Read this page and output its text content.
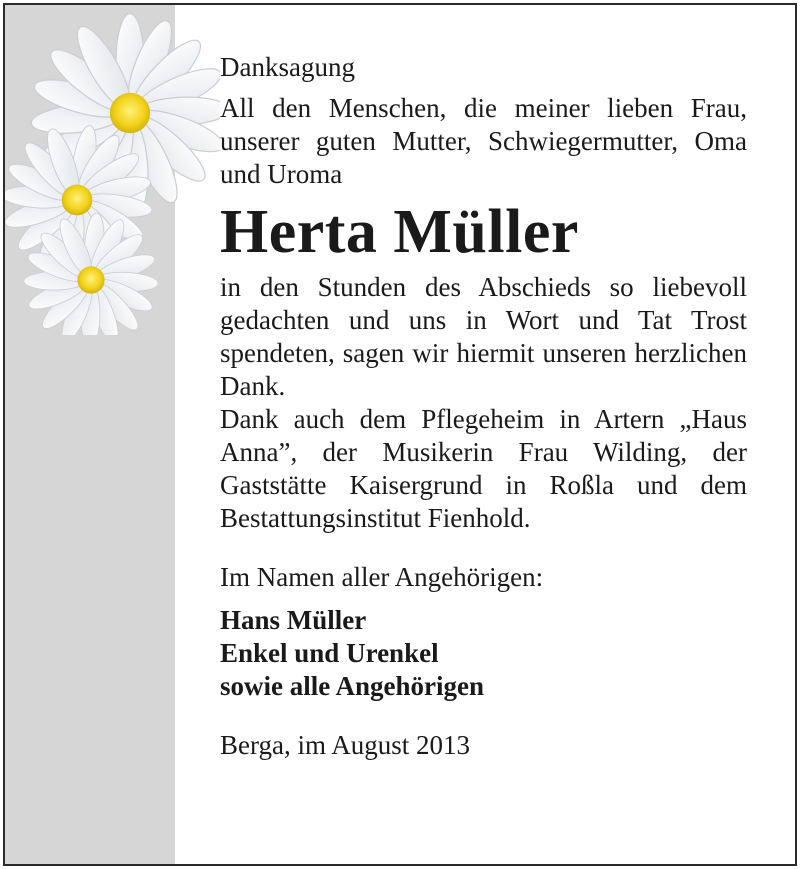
Danksagung

All den Menschen, die meiner lieben Frau, unserer guten Mutter, Schwiegermutter, Oma und Uroma

Herta Müller

in den Stunden des Abschieds so liebevoll gedachten und uns in Wort und Tat Trost spendeten, sagen wir hiermit unseren herzlichen Dank.

Dank auch dem Pflegeheim in Artern „Haus Anna”, der Musikerin Frau Wilding, der Gaststätte Kaisergrund in Roßla und dem Bestattungsinstitut Fienhold.

Im Namen aller Angehörigen:

Hans Müller

Enkel und Urenkel

sowie alle Angehörigen

Berga, im August 2013
